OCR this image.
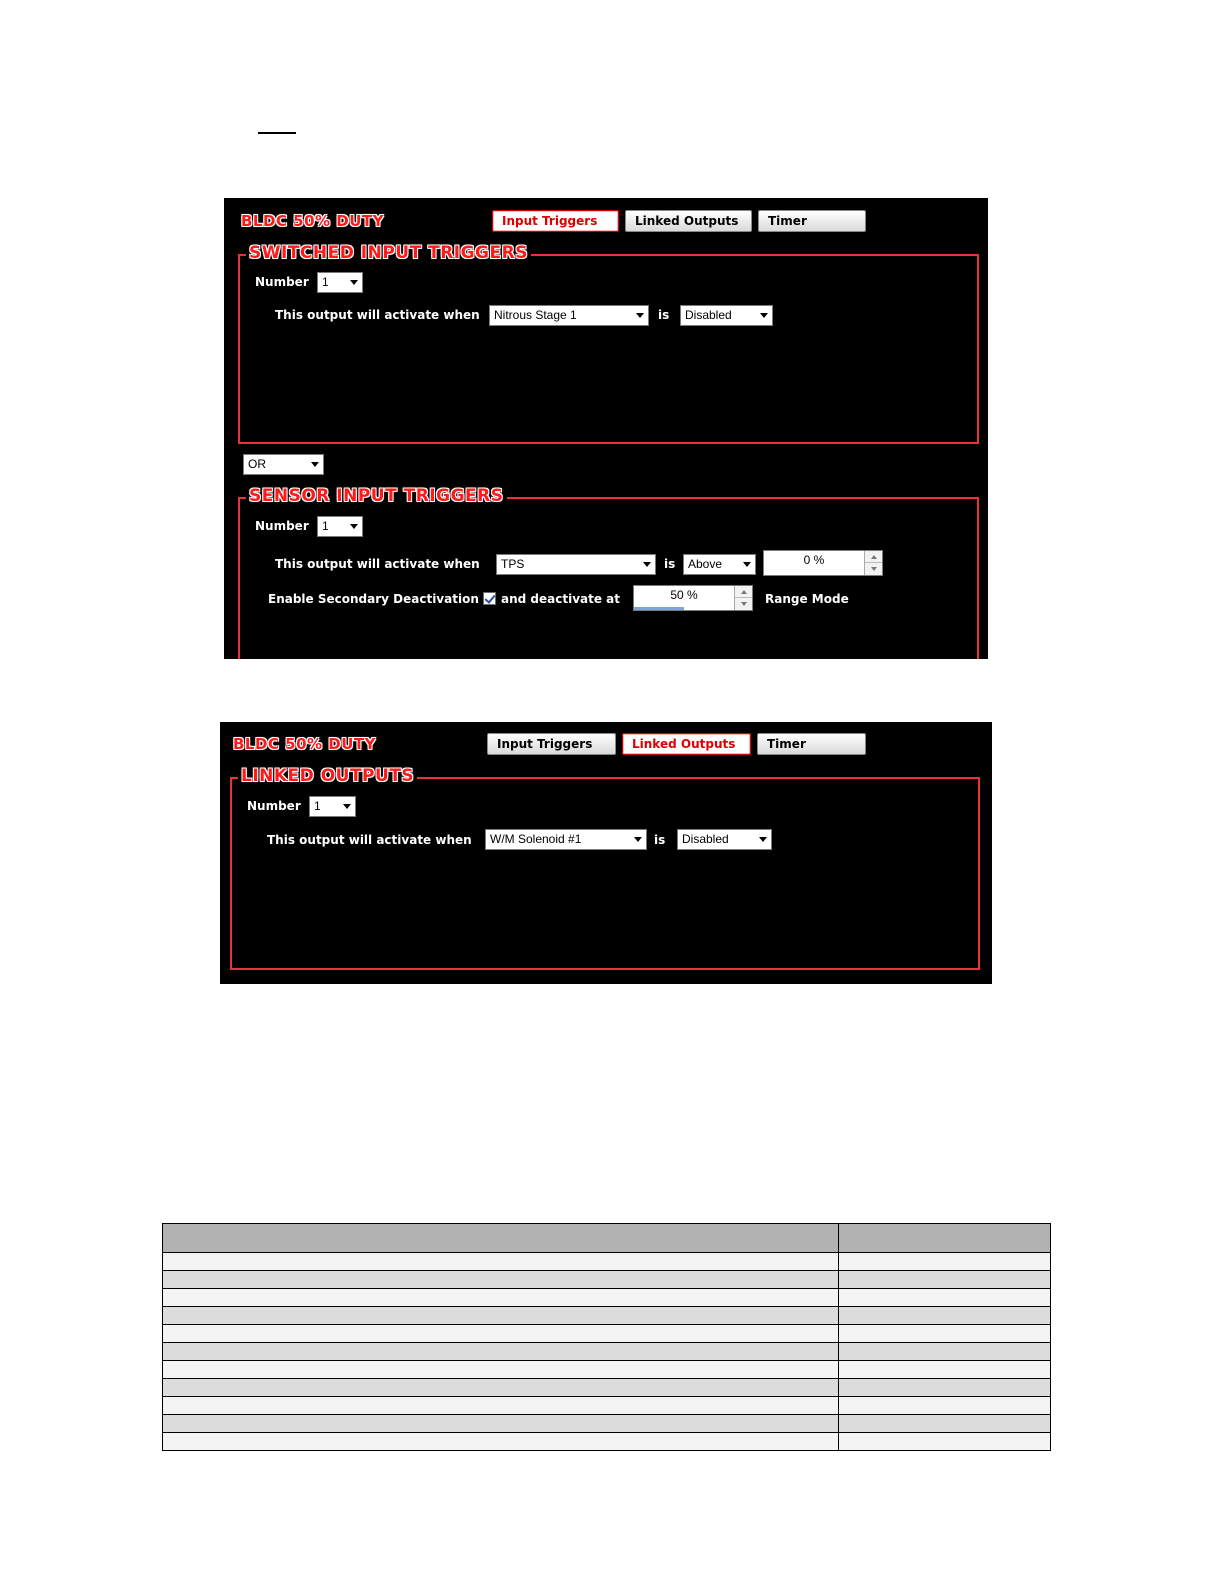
BLDC 50% DUTY	Input Triggers	Linked Outputs	Timer
SWITCHED INPUT TRIGGERS
Number	1
This output will activate when	Nitrous Stage 1	is	Disabled
OR
SENSOR INPUT TRIGGERS
Number	1
This output will activate when	TPS	is	Above	0 %
Enable Secondary Deactivation and deactivate at	50 %	Range Mode
BLDC 50% DUTY	Input Triggers	Linked Outputs	Timer
LINKED OUTPUTS
Number	1
This output will activate when	W/M Solenoid #1	is	Disabled
